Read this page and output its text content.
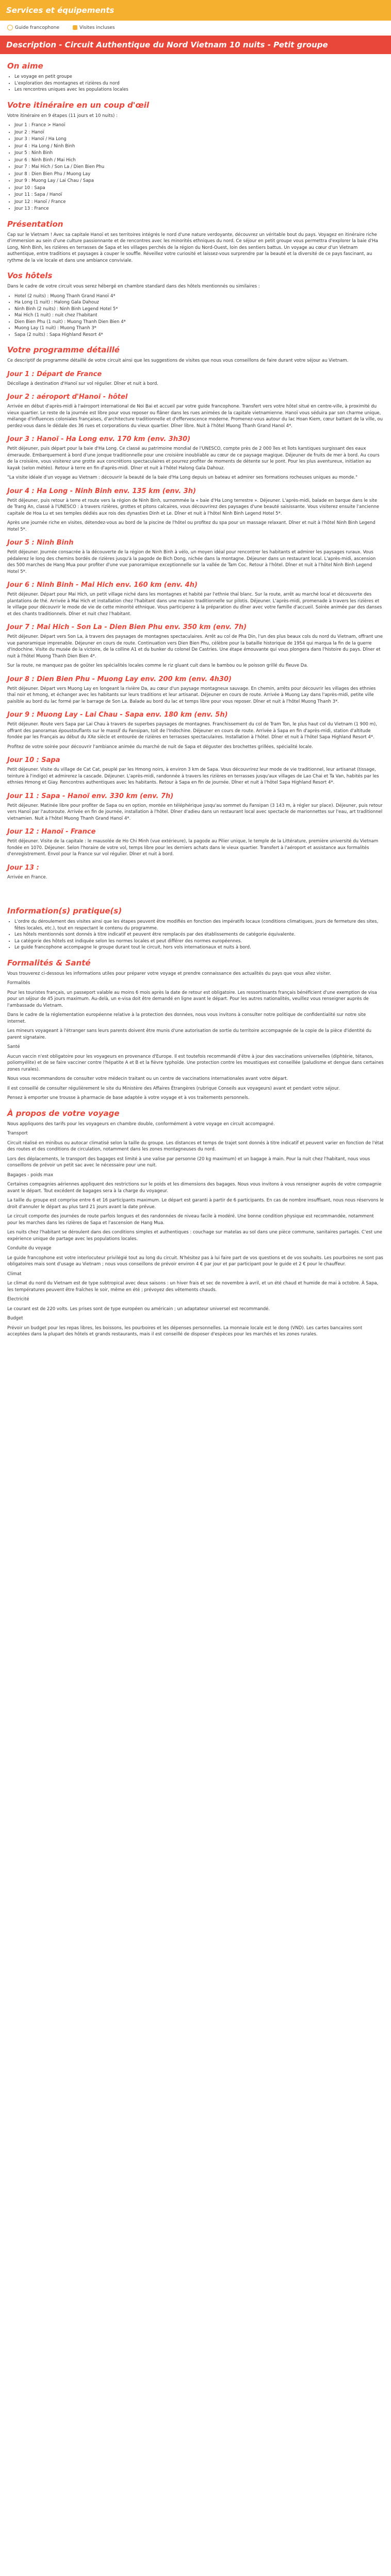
Services et équipements
Guide francophone	Visites incluses
Description - Circuit Authentique du Nord Vietnam 10 nuits - Petit groupe
On aime
• Le voyage en petit groupe
• L'exploration des montagnes et rizières du nord
• Les rencontres uniques avec les populations locales
Votre itinéraire en un coup d'œil

Votre itinéraire en 9 étapes (11 jours et 10 nuits) :

• Jour 1 : France > Hanoï
• Jour 2 : Hanoï
• Jour 3 : Hanoï / Ha Long
• Jour 4 : Ha Long / Ninh Binh
• Jour 5 : Ninh Binh
• Jour 6 : Ninh Binh / Mai Hich
• Jour 7 : Mai Hich / Son La / Dien Bien Phu
• Jour 8 : Dien Bien Phu / Muong Lay
• Jour 9 : Muong Lay / Lai Chau / Sapa
• Jour 10 : Sapa
• Jour 11 : Sapa / Hanoï
• Jour 12 : Hanoï / France
• Jour 13 : France
Présentation

Cap sur le Vietnam ! Avec sa capitale Hanoï et ses territoires intégrés le nord d'une nature verdoyante, découvrez un véritable bout du pays. Voyagez en itinéraire riche d'immersion au sein d'une culture passionnante et de rencontres avec les minorités ethniques du nord. Ce séjour en petit groupe vous permettra d'explorer la baie d'Ha Long, Ninh Binh, les rizières en terrasses de Sapa et les villages perchés de la région du Nord-Ouest, loin des sentiers battus. Un voyage au cœur d'un Vietnam authentique, entre traditions et paysages à couper le souffle. Réveillez votre curiosité et laissez-vous surprendre par la beauté et la diversité de ce pays fascinant, au rythme de la vie locale et dans une ambiance conviviale.

Vos hôtels

Dans le cadre de votre circuit vous serez hébergé en chambre standard dans des hôtels mentionnés ou similaires :

• Hotel (2 nuits) : Muong Thanh Grand Hanoï 4*
• Ha Long (1 nuit) : Halong Gala Dahouz
• Ninh Binh (2 nuits) : Ninh Binh Legend Hotel 5*
• Mai Hich (1 nuit) : nuit chez l'habitant
• Dien Bien Phu (1 nuit) : Muong Thanh Dien Bien 4*
• Muong Lay (1 nuit) : Muong Thanh 3*
• Sapa (2 nuits) : Sapa Highland Resort 4*
Votre programme détaillé

Ce descriptif de programme détaillé de votre circuit ainsi que les suggestions de visites que nous vous conseillons de faire durant votre séjour au Vietnam.

Jour 1 : Départ de France

Décollage à destination d'Hanoï sur vol régulier. Dîner et nuit à bord.

Jour 2 : aéroport d'Hanoï - hôtel

Arrivée en début d'après-midi à l'aéroport international de Noi Bai et accueil par votre guide francophone. Transfert vers votre hôtel situé en centre-ville, à proximité du vieux quartier. Le reste de la journée est libre pour vous reposer ou flâner dans les rues animées de la capitale vietnamienne. Hanoï vous séduira par son charme unique, mélange d'influences coloniales françaises, d'architecture traditionnelle et d'effervescence moderne. Promenez-vous autour du lac Hoan Kiem, cœur battant de la ville, ou perdez-vous dans le dédale des 36 rues et corporations du vieux quartier. Dîner libre. Nuit à l'hôtel Muong Thanh Grand Hanoï 4*.

Jour 3 : Hanoï - Ha Long env. 170 km (env. 3h30)

Petit déjeuner, puis départ pour la baie d'Ha Long. Ce classé au patrimoine mondial de l'UNESCO, compte près de 2 000 îles et îlots karstiques surgissant des eaux émeraude. Embarquement à bord d'une jonque traditionnelle pour une croisière inoubliable au cœur de ce paysage magique. Déjeuner de fruits de mer à bord. Au cours de la croisière, vous visiterez une grotte aux concrétions spectaculaires et pourrez profiter de moments de détente sur le pont. Pour les plus aventureux, initiation au kayak (selon météo). Retour à terre en fin d'après-midi. Dîner et nuit à l'hôtel Halong Gala Dahouz.

"La visite idéale d'un voyage au Vietnam : découvrir la beauté de la baie d'Ha Long depuis un bateau et admirer ses formations rocheuses uniques au monde."

Jour 4 : Ha Long - Ninh Binh env. 135 km (env. 3h)

Petit déjeuner, puis retour à terre et route vers la région de Ninh Binh, surnommée la « baie d'Ha Long terrestre ». Déjeuner. L'après-midi, balade en barque dans le site de Trang An, classé à l'UNESCO : à travers rizières, grottes et pitons calcaires, vous découvrirez des paysages d'une beauté saisissante. Vous visiterez ensuite l'ancienne capitale de Hoa Lu et ses temples dédiés aux rois des dynasties Dinh et Le. Dîner et nuit à l'hôtel Ninh Binh Legend Hotel 5*.

Après une journée riche en visites, détendez-vous au bord de la piscine de l'hôtel ou profitez du spa pour un massage relaxant. Dîner et nuit à l'hôtel Ninh Binh Legend Hotel 5*.

Jour 5 : Ninh Binh

Petit déjeuner. Journée consacrée à la découverte de la région de Ninh Binh à vélo, un moyen idéal pour rencontrer les habitants et admirer les paysages ruraux. Vous pédalerez le long des chemins bordés de rizières jusqu'à la pagode de Bich Dong, nichée dans la montagne. Déjeuner dans un restaurant local. L'après-midi, ascension des 500 marches de Hang Mua pour profiter d'une vue panoramique exceptionnelle sur la vallée de Tam Coc. Retour à l'hôtel. Dîner et nuit à l'hôtel Ninh Binh Legend Hotel 5*.

Jour 6 : Ninh Binh - Mai Hich env. 160 km (env. 4h)

Petit déjeuner. Départ pour Mai Hich, un petit village niché dans les montagnes et habité par l'ethnie thaï blanc. Sur la route, arrêt au marché local et découverte des plantations de thé. Arrivée à Mai Hich et installation chez l'habitant dans une maison traditionnelle sur pilotis. Déjeuner. L'après-midi, promenade à travers les rizières et le village pour découvrir le mode de vie de cette minorité ethnique. Vous participerez à la préparation du dîner avec votre famille d'accueil. Soirée animée par des danses et des chants traditionnels. Dîner et nuit chez l'habitant.

Jour 7 : Mai Hich - Son La - Dien Bien Phu env. 350 km (env. 7h)

Petit déjeuner. Départ vers Son La, à travers des paysages de montagnes spectaculaires. Arrêt au col de Pha Din, l'un des plus beaux cols du nord du Vietnam, offrant une vue panoramique imprenable. Déjeuner en cours de route. Continuation vers Dien Bien Phu, célèbre pour la bataille historique de 1954 qui marqua la fin de la guerre d'Indochine. Visite du musée de la victoire, de la colline A1 et du bunker du colonel De Castries. Une étape émouvante qui vous plongera dans l'histoire du pays. Dîner et nuit à l'hôtel Muong Thanh Dien Bien 4*.

Sur la route, ne manquez pas de goûter les spécialités locales comme le riz gluant cuit dans le bambou ou le poisson grillé du fleuve Da.

Jour 8 : Dien Bien Phu - Muong Lay env. 200 km (env. 4h30)

Petit déjeuner. Départ vers Muong Lay en longeant la rivière Da, au cœur d'un paysage montagneux sauvage. En chemin, arrêts pour découvrir les villages des ethnies thaï noir et hmong, et échanger avec les habitants sur leurs traditions et leur artisanat. Déjeuner en cours de route. Arrivée à Muong Lay dans l'après-midi, petite ville paisible au bord du lac formé par le barrage de Son La. Balade au bord du lac et temps libre pour vous reposer. Dîner et nuit à l'hôtel Muong Thanh 3*.

Jour 9 : Muong Lay - Lai Chau - Sapa env. 180 km (env. 5h)

Petit déjeuner. Route vers Sapa par Lai Chau à travers de superbes paysages de montagnes. Franchissement du col de Tram Ton, le plus haut col du Vietnam (1 900 m), offrant des panoramas époustouflants sur le massif du Fansipan, toit de l'Indochine. Déjeuner en cours de route. Arrivée à Sapa en fin d'après-midi, station d'altitude fondée par les Français au début du XXe siècle et entourée de rizières en terrasses spectaculaires. Installation à l'hôtel. Dîner et nuit à l'hôtel Sapa Highland Resort 4*.

Profitez de votre soirée pour découvrir l'ambiance animée du marché de nuit de Sapa et déguster des brochettes grillées, spécialité locale.

Jour 10 : Sapa

Petit déjeuner. Visite du village de Cat Cat, peuplé par les Hmong noirs, à environ 3 km de Sapa. Vous découvrirez leur mode de vie traditionnel, leur artisanat (tissage, teinture à l'indigo) et admirerez la cascade. Déjeuner. L'après-midi, randonnée à travers les rizières en terrasses jusqu'aux villages de Lao Chai et Ta Van, habités par les ethnies Hmong et Giay. Rencontres authentiques avec les habitants. Retour à Sapa en fin de journée. Dîner et nuit à l'hôtel Sapa Highland Resort 4*.

Jour 11 : Sapa - Hanoï env. 330 km (env. 7h)

Petit déjeuner. Matinée libre pour profiter de Sapa ou en option, montée en téléphérique jusqu'au sommet du Fansipan (3 143 m, à régler sur place). Déjeuner, puis retour vers Hanoï par l'autoroute. Arrivée en fin de journée, installation à l'hôtel. Dîner d'adieu dans un restaurant local avec spectacle de marionnettes sur l'eau, art traditionnel vietnamien. Nuit à l'hôtel Muong Thanh Grand Hanoï 4*.

Jour 12 : Hanoï - France

Petit déjeuner. Visite de la capitale : le mausolée de Ho Chi Minh (vue extérieure), la pagode au Pilier unique, le temple de la Littérature, première université du Vietnam fondée en 1070. Déjeuner. Selon l'horaire de votre vol, temps libre pour les derniers achats dans le vieux quartier. Transfert à l'aéroport et assistance aux formalités d'enregistrement. Envol pour la France sur vol régulier. Dîner et nuit à bord.

Jour 13 :

Arrivée en France.

Information(s) pratique(s)
• L'ordre du déroulement des visites ainsi que les étapes peuvent être modifiés en fonction des impératifs locaux (conditions climatiques, jours de fermeture des sites, fêtes locales, etc.), tout en respectant le contenu du programme.
• Les hôtels mentionnés sont donnés à titre indicatif et peuvent être remplacés par des établissements de catégorie équivalente.
• La catégorie des hôtels est indiquée selon les normes locales et peut différer des normes européennes.
• Le guide francophone accompagne le groupe durant tout le circuit, hors vols internationaux et nuits à bord.
Formalités & Santé

Vous trouverez ci-dessous les informations utiles pour préparer votre voyage et prendre connaissance des actualités du pays que vous allez visiter.

Formalités

Pour les touristes français, un passeport valable au moins 6 mois après la date de retour est obligatoire. Les ressortissants français bénéficient d'une exemption de visa pour un séjour de 45 jours maximum. Au-delà, un e-visa doit être demandé en ligne avant le départ. Pour les autres nationalités, veuillez vous renseigner auprès de l'ambassade du Vietnam.

Dans le cadre de la réglementation européenne relative à la protection des données, nous vous invitons à consulter notre politique de confidentialité sur notre site internet.

Les mineurs voyageant à l'étranger sans leurs parents doivent être munis d'une autorisation de sortie du territoire accompagnée de la copie de la pièce d'identité du parent signataire.

Santé

Aucun vaccin n'est obligatoire pour les voyageurs en provenance d'Europe. Il est toutefois recommandé d'être à jour des vaccinations universelles (diphtérie, tétanos, poliomyélite) et de se faire vacciner contre l'hépatite A et B et la fièvre typhoïde. Une protection contre les moustiques est conseillée (paludisme et dengue dans certaines zones rurales).

Nous vous recommandons de consulter votre médecin traitant ou un centre de vaccinations internationales avant votre départ.

Il est conseillé de consulter régulièrement le site du Ministère des Affaires Étrangères (rubrique Conseils aux voyageurs) avant et pendant votre séjour.

Pensez à emporter une trousse à pharmacie de base adaptée à votre voyage et à vos traitements personnels.

À propos de votre voyage

Nous appliquons des tarifs pour les voyageurs en chambre double, conformément à votre voyage en circuit accompagné.

Transport

Circuit réalisé en minibus ou autocar climatisé selon la taille du groupe. Les distances et temps de trajet sont donnés à titre indicatif et peuvent varier en fonction de l'état des routes et des conditions de circulation, notamment dans les zones montagneuses du nord.

Lors des déplacements, le transport des bagages est limité à une valise par personne (20 kg maximum) et un bagage à main. Pour la nuit chez l'habitant, nous vous conseillons de prévoir un petit sac avec le nécessaire pour une nuit.

Bagages - poids max

Certaines compagnies aériennes appliquent des restrictions sur le poids et les dimensions des bagages. Nous vous invitons à vous renseigner auprès de votre compagnie avant le départ. Tout excédent de bagages sera à la charge du voyageur.

La taille du groupe est comprise entre 6 et 16 participants maximum. Le départ est garanti à partir de 6 participants. En cas de nombre insuffisant, nous nous réservons le droit d'annuler le départ au plus tard 21 jours avant la date prévue.

Le circuit comporte des journées de route parfois longues et des randonnées de niveau facile à modéré. Une bonne condition physique est recommandée, notamment pour les marches dans les rizières de Sapa et l'ascension de Hang Mua.

Les nuits chez l'habitant se déroulent dans des conditions simples et authentiques : couchage sur matelas au sol dans une pièce commune, sanitaires partagés. C'est une expérience unique de partage avec les populations locales.

Conduite du voyage

Le guide francophone est votre interlocuteur privilégié tout au long du circuit. N'hésitez pas à lui faire part de vos questions et de vos souhaits. Les pourboires ne sont pas obligatoires mais sont d'usage au Vietnam ; nous vous conseillons de prévoir environ 4 € par jour et par participant pour le guide et 2 € pour le chauffeur.

Climat

Le climat du nord du Vietnam est de type subtropical avec deux saisons : un hiver frais et sec de novembre à avril, et un été chaud et humide de mai à octobre. À Sapa, les températures peuvent être fraîches le soir, même en été ; prévoyez des vêtements chauds.

Électricité

Le courant est de 220 volts. Les prises sont de type européen ou américain ; un adaptateur universel est recommandé.

Budget

Prévoir un budget pour les repas libres, les boissons, les pourboires et les dépenses personnelles. La monnaie locale est le dong (VND). Les cartes bancaires sont acceptées dans la plupart des hôtels et grands restaurants, mais il est conseillé de disposer d'espèces pour les marchés et les zones rurales.
